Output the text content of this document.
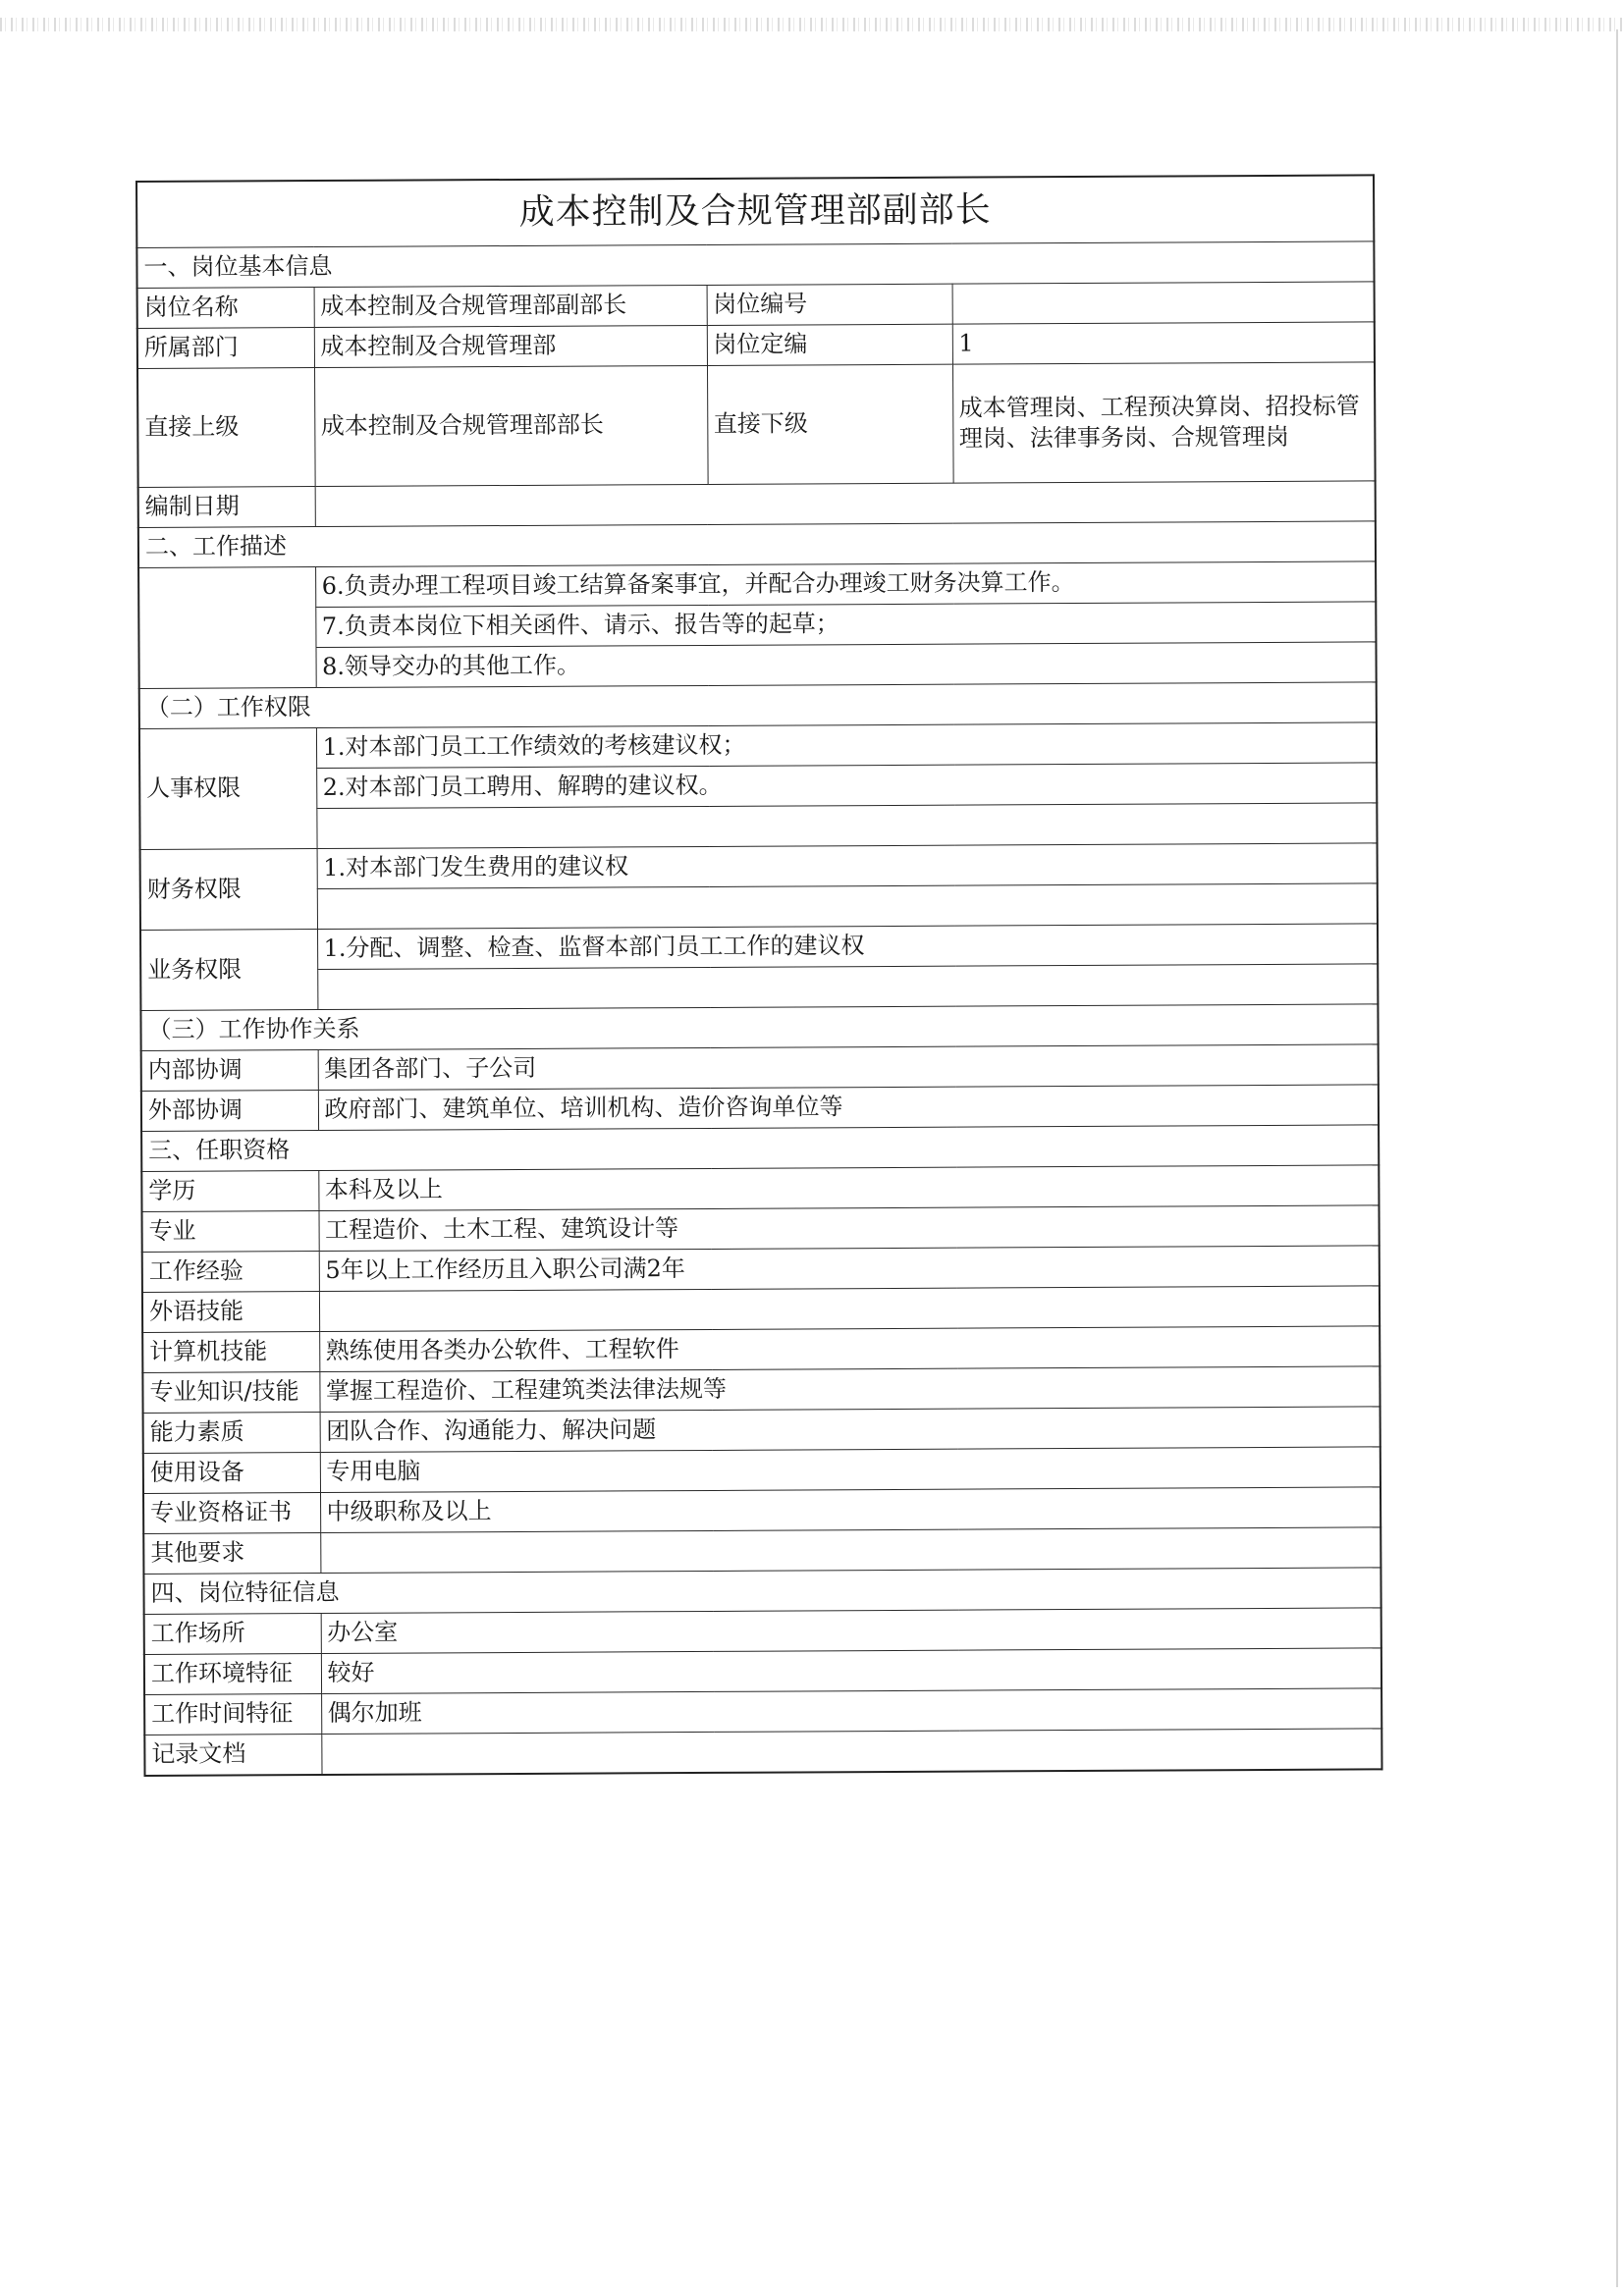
成本控制及合规管理部副部长			
一、岗位基本信息			
岗位名称	成本控制及合规管理部副部长	岗位编号	
所属部门	成本控制及合规管理部	岗位定编	1
直接上级	成本控制及合规管理部部长	直接下级	成本管理岗、工程预决算岗、招投标管理岗、法律事务岗、合规管理岗
编制日期			
二、工作描述			
	6.负责办理工程项目竣工结算备案事宜，并配合办理竣工财务决算工作。		
	7.负责本岗位下相关函件、请示、报告等的起草；		
	8.领导交办的其他工作。		
（二）工作权限			
人事权限	1.对本部门员工工作绩效的考核建议权；		
	2.对本部门员工聘用、解聘的建议权。		

财务权限	1.对本部门发生费用的建议权		

业务权限	1.分配、调整、检查、监督本部门员工工作的建议权		

（三）工作协作关系			
内部协调	集团各部门、子公司		
外部协调	政府部门、建筑单位、培训机构、造价咨询单位等		
三、任职资格			
学历	本科及以上		
专业	工程造价、土木工程、建筑设计等		
工作经验	5年以上工作经历且入职公司满2年		
外语技能			
计算机技能	熟练使用各类办公软件、工程软件		
专业知识/技能	掌握工程造价、工程建筑类法律法规等		
能力素质	团队合作、沟通能力、解决问题		
使用设备	专用电脑		
专业资格证书	中级职称及以上		
其他要求			
四、岗位特征信息			
工作场所	办公室		
工作环境特征	较好		
工作时间特征	偶尔加班		
记录文档			
